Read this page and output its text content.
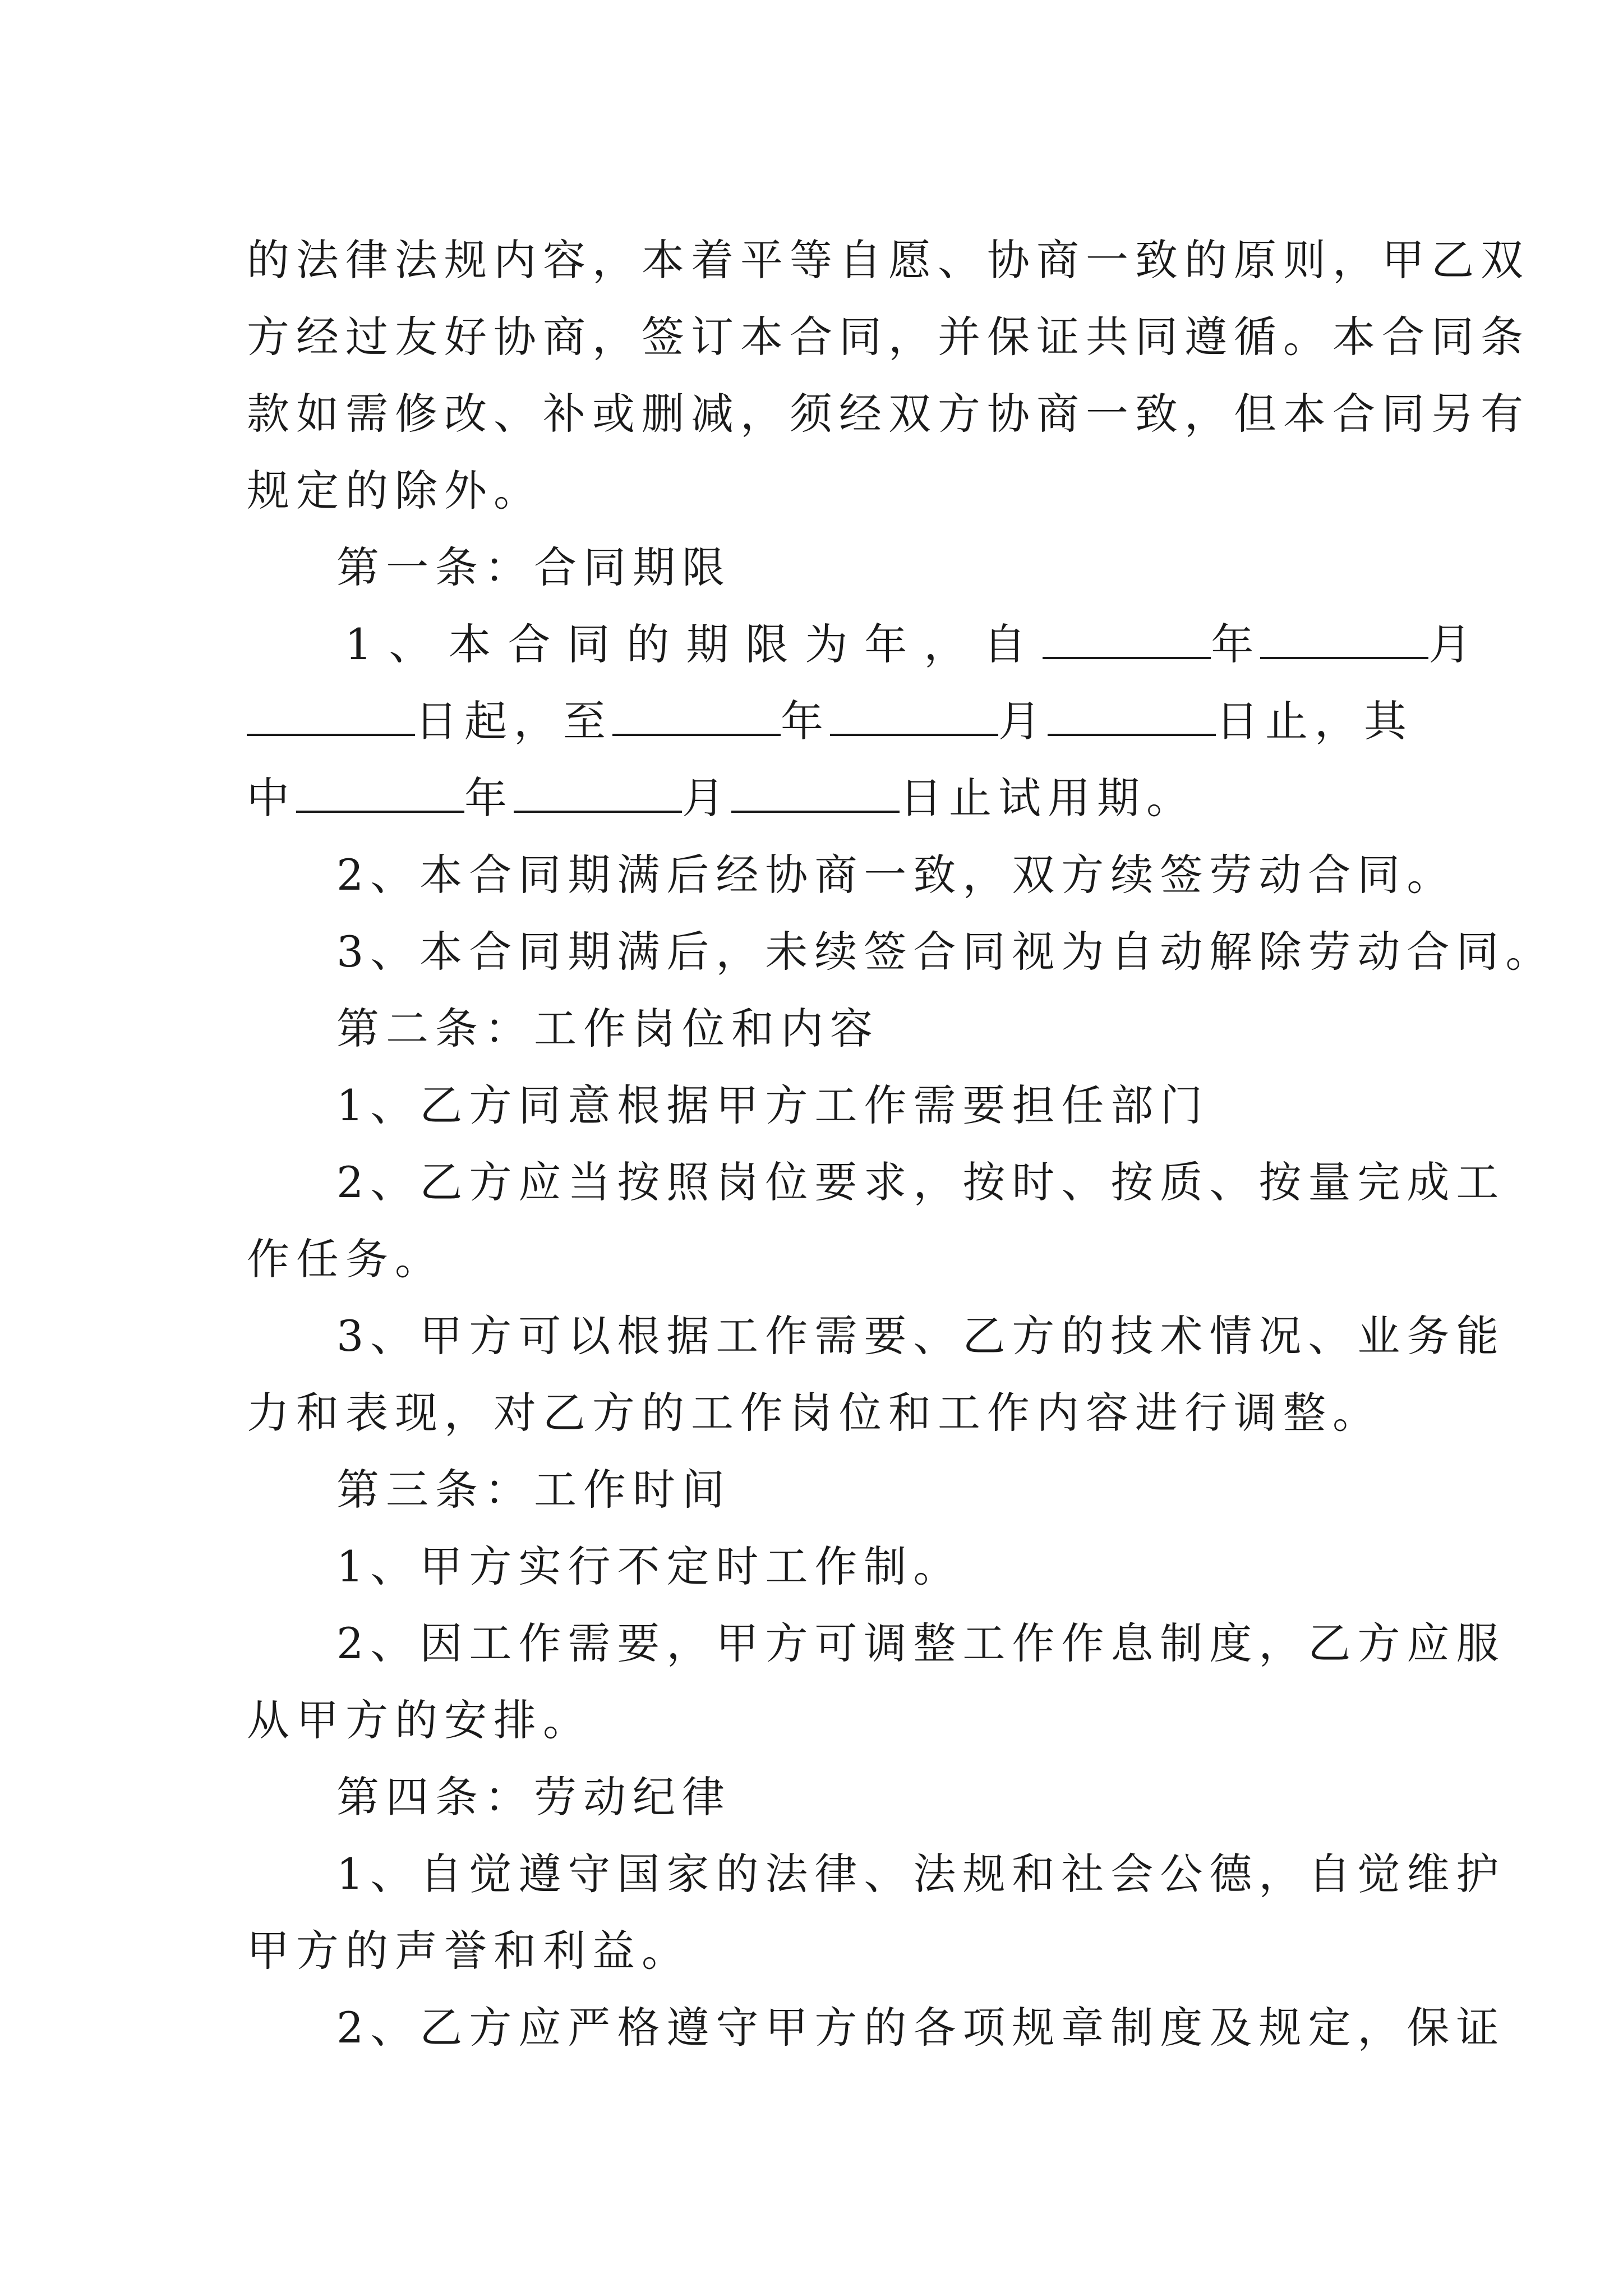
的法律法规内容，本着平等自愿、协商一致的原则，甲乙双
方经过友好协商，签订本合同，并保证共同遵循。本合同条
款如需修改、补或删减，须经双方协商一致，但本合同另有
规定的除外。
第一条：合同期限
1、本合同的期限为年，自	年	月
日起，至	年	月	日止，其
中	年	月	日止试用期。
2、本合同期满后经协商一致，双方续签劳动合同。
3、本合同期满后，未续签合同视为自动解除劳动合同。
第二条：工作岗位和内容
1、乙方同意根据甲方工作需要担任部门
2、乙方应当按照岗位要求，按时、按质、按量完成工
作任务。
3、甲方可以根据工作需要、乙方的技术情况、业务能
力和表现，对乙方的工作岗位和工作内容进行调整。
第三条：工作时间
1、甲方实行不定时工作制。
2、因工作需要，甲方可调整工作作息制度，乙方应服
从甲方的安排。
第四条：劳动纪律
1、自觉遵守国家的法律、法规和社会公德，自觉维护
甲方的声誉和利益。
2、乙方应严格遵守甲方的各项规章制度及规定，保证
